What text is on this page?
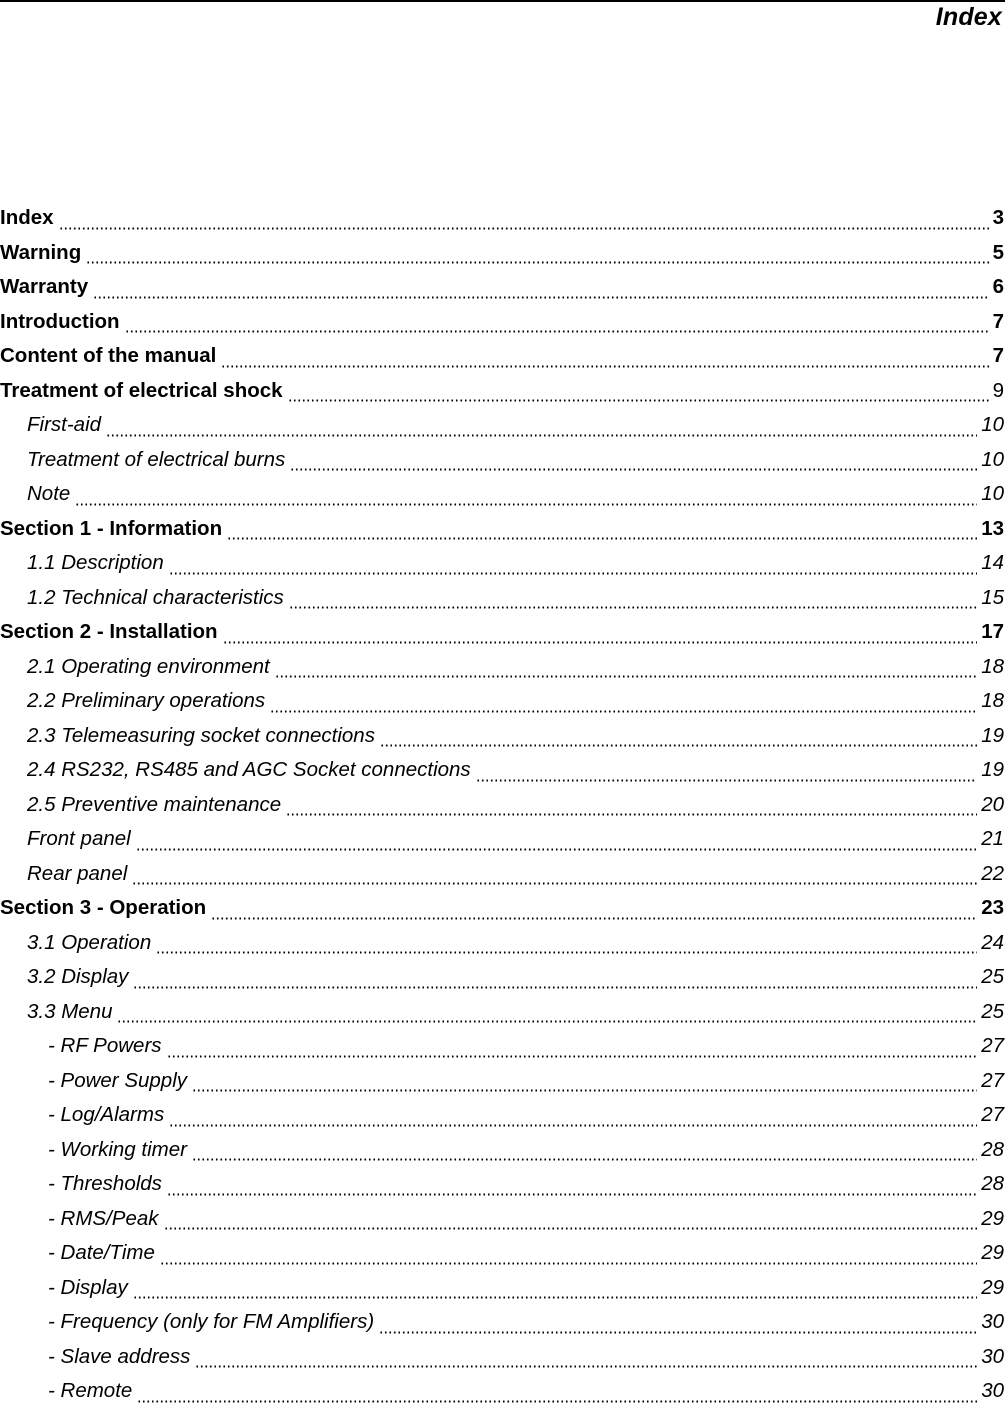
Index
Index	3
Warning	5
Warranty	6
Introduction	7
Content of the manual	7
Treatment of electrical shock	9
First-aid	10
Treatment of electrical burns	10
Note	10
Section 1 - Information	13
1.1 Description	14
1.2 Technical characteristics	15
Section 2 - Installation	17
2.1 Operating environment	18
2.2 Preliminary operations	18
2.3 Telemeasuring socket connections	19
2.4 RS232, RS485 and AGC Socket connections	19
2.5 Preventive maintenance	20
Front panel	21
Rear panel	22
Section 3 - Operation	23
3.1 Operation	24
3.2 Display	25
3.3 Menu	25
- RF Powers	27
- Power Supply	27
- Log/Alarms	27
- Working timer	28
- Thresholds	28
- RMS/Peak	29
- Date/Time	29
- Display	29
- Frequency (only for FM Amplifiers)	30
- Slave address	30
- Remote	30
